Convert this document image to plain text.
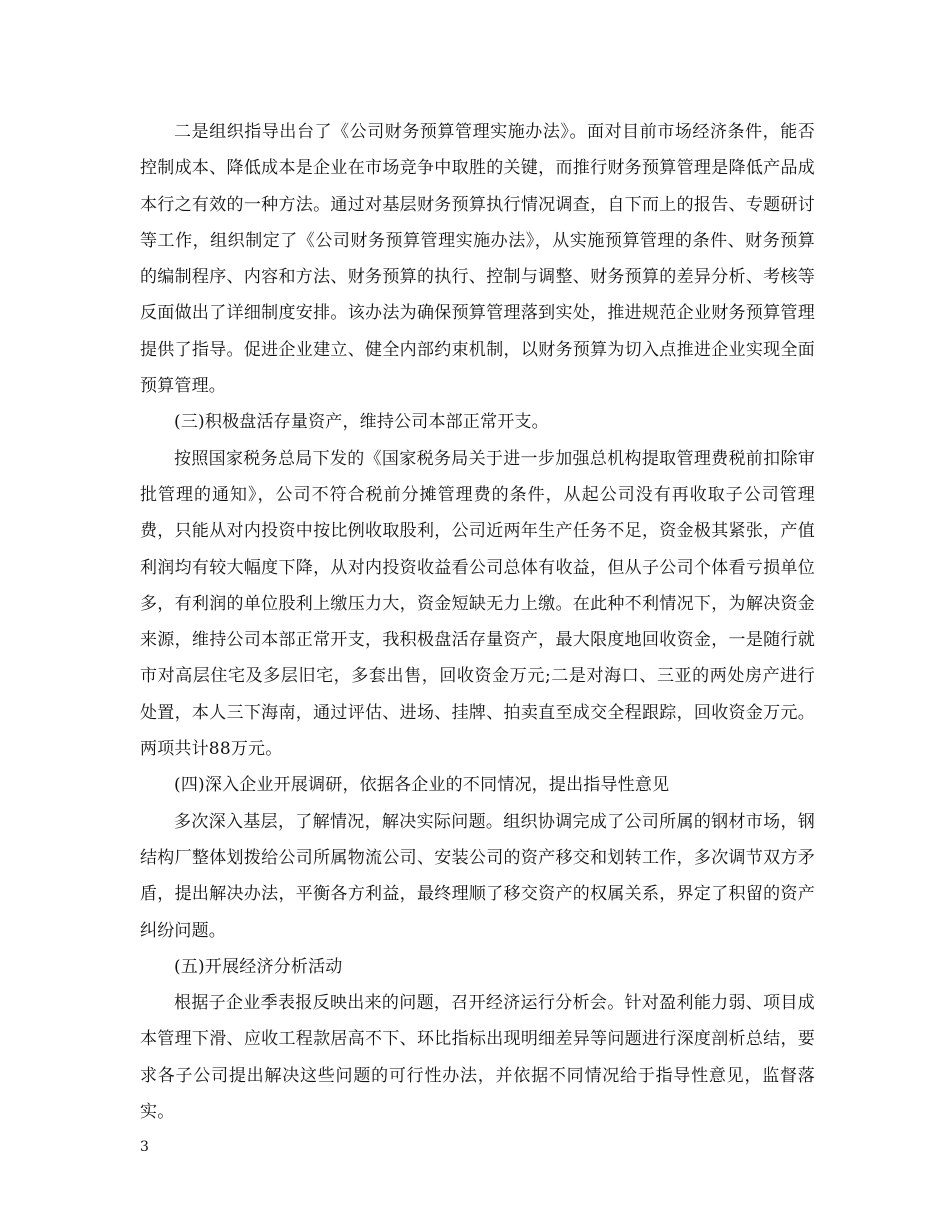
二是组织指导出台了《公司财务预算管理实施办法》。面对目前市场经济条件，能否控制成本、降低成本是企业在市场竞争中取胜的关键，而推行财务预算管理是降低产品成本行之有效的一种方法。通过对基层财务预算执行情况调查，自下而上的报告、专题研讨等工作，组织制定了《公司财务预算管理实施办法》，从实施预算管理的条件、财务预算的编制程序、内容和方法、财务预算的执行、控制与调整、财务预算的差异分析、考核等反面做出了详细制度安排。该办法为确保预算管理落到实处，推进规范企业财务预算管理提供了指导。促进企业建立、健全内部约束机制，以财务预算为切入点推进企业实现全面预算管理。

(三)积极盘活存量资产，维持公司本部正常开支。

按照国家税务总局下发的《国家税务局关于进一步加强总机构提取管理费税前扣除审批管理的通知》，公司不符合税前分摊管理费的条件，从起公司没有再收取子公司管理费，只能从对内投资中按比例收取股利，公司近两年生产任务不足，资金极其紧张，产值利润均有较大幅度下降，从对内投资收益看公司总体有收益，但从子公司个体看亏损单位多，有利润的单位股利上缴压力大，资金短缺无力上缴。在此种不利情况下，为解决资金来源，维持公司本部正常开支，我积极盘活存量资产，最大限度地回收资金，一是随行就市对高层住宅及多层旧宅，多套出售，回收资金万元;二是对海口、三亚的两处房产进行处置，本人三下海南，通过评估、进场、挂牌、拍卖直至成交全程跟踪，回收资金万元。两项共计88万元。

(四)深入企业开展调研，依据各企业的不同情况，提出指导性意见

多次深入基层，了解情况，解决实际问题。组织协调完成了公司所属的钢材市场，钢结构厂整体划拨给公司所属物流公司、安装公司的资产移交和划转工作，多次调节双方矛盾，提出解决办法，平衡各方利益，最终理顺了移交资产的权属关系，界定了积留的资产纠纷问题。

(五)开展经济分析活动

根据子企业季表报反映出来的问题，召开经济运行分析会。针对盈利能力弱、项目成本管理下滑、应收工程款居高不下、环比指标出现明细差异等问题进行深度剖析总结，要求各子公司提出解决这些问题的可行性办法，并依据不同情况给于指导性意见，监督落实。

3
